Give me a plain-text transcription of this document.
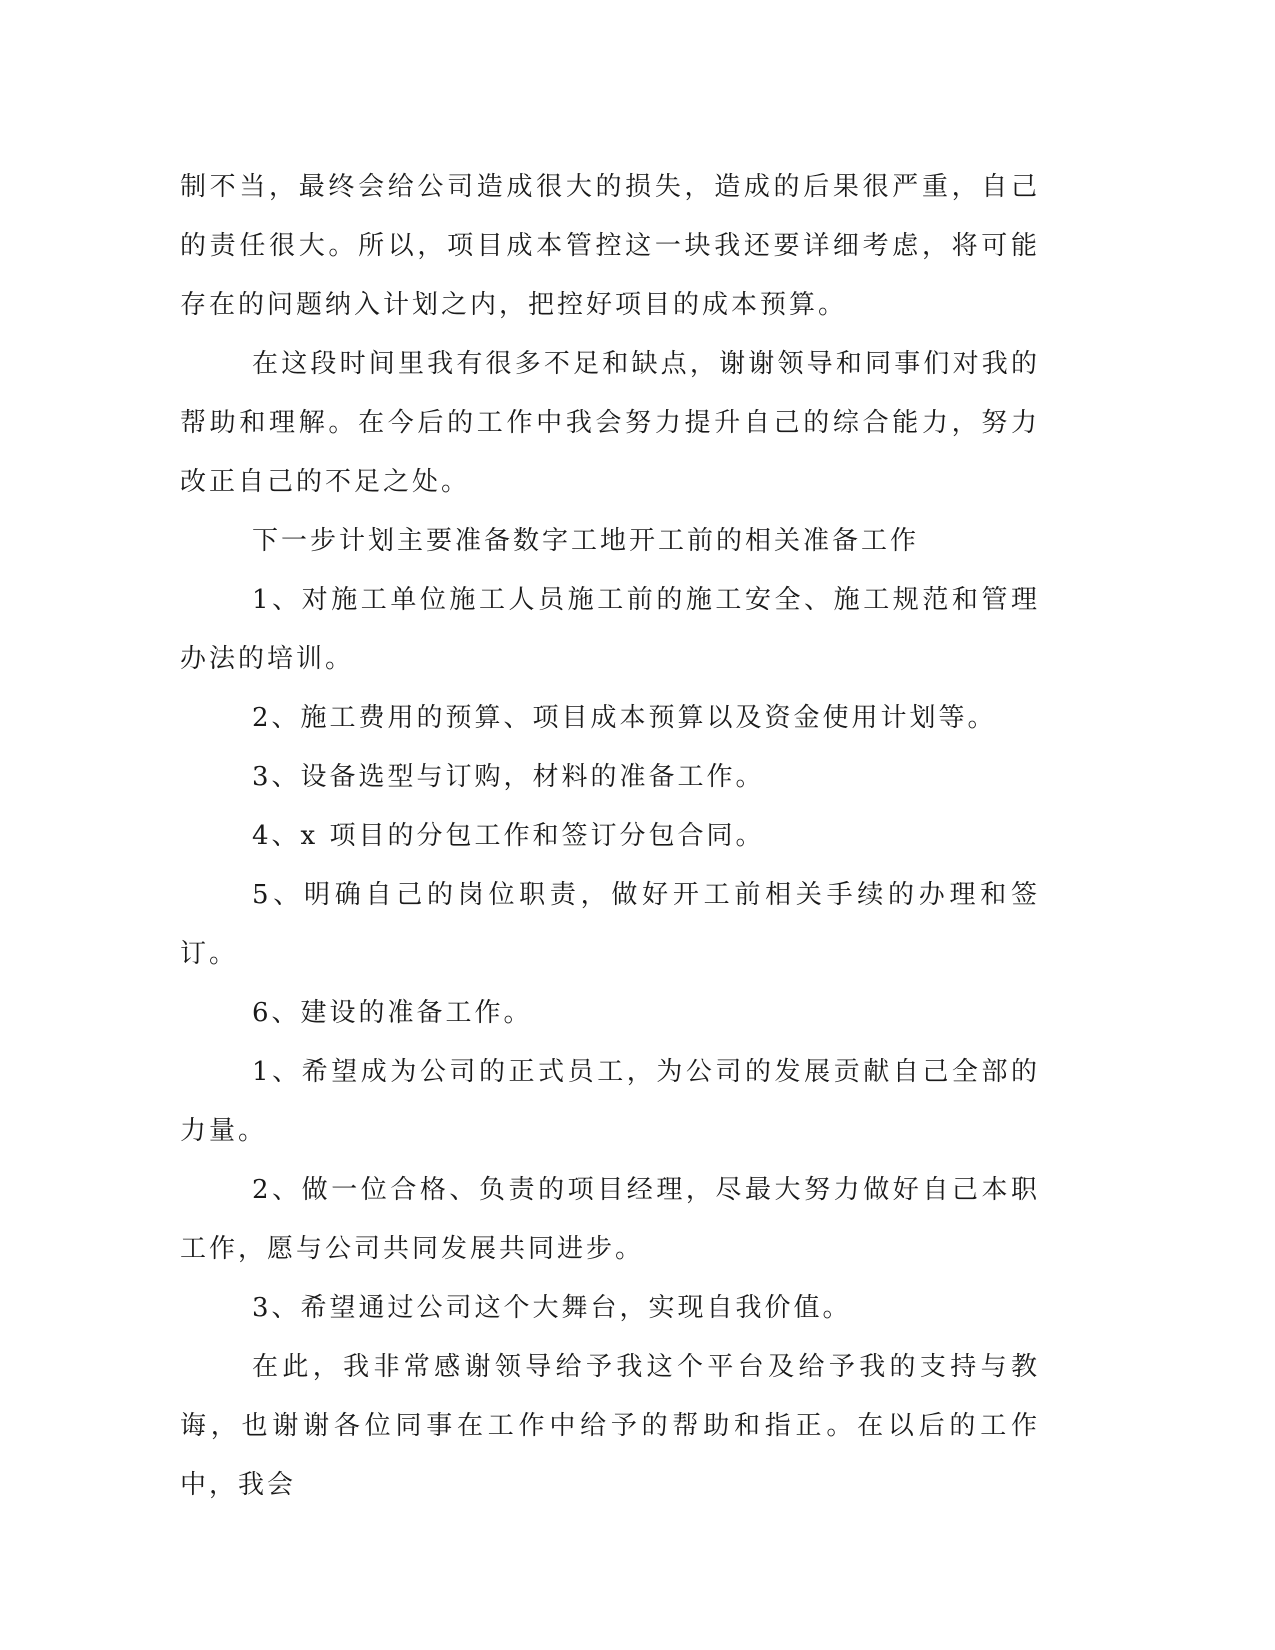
制不当，最终会给公司造成很大的损失，造成的后果很严重，自己的责任很大。所以，项目成本管控这一块我还要详细考虑，将可能存在的问题纳入计划之内，把控好项目的成本预算。

在这段时间里我有很多不足和缺点，谢谢领导和同事们对我的帮助和理解。在今后的工作中我会努力提升自己的综合能力，努力改正自己的不足之处。

下一步计划主要准备数字工地开工前的相关准备工作

1、对施工单位施工人员施工前的施工安全、施工规范和管理办法的培训。

2、施工费用的预算、项目成本预算以及资金使用计划等。

3、设备选型与订购，材料的准备工作。

4、x 项目的分包工作和签订分包合同。

5、明确自己的岗位职责，做好开工前相关手续的办理和签订。

6、建设的准备工作。

1、希望成为公司的正式员工，为公司的发展贡献自己全部的力量。

2、做一位合格、负责的项目经理，尽最大努力做好自己本职工作，愿与公司共同发展共同进步。

3、希望通过公司这个大舞台，实现自我价值。

在此，我非常感谢领导给予我这个平台及给予我的支持与教诲，也谢谢各位同事在工作中给予的帮助和指正。在以后的工作中，我会
